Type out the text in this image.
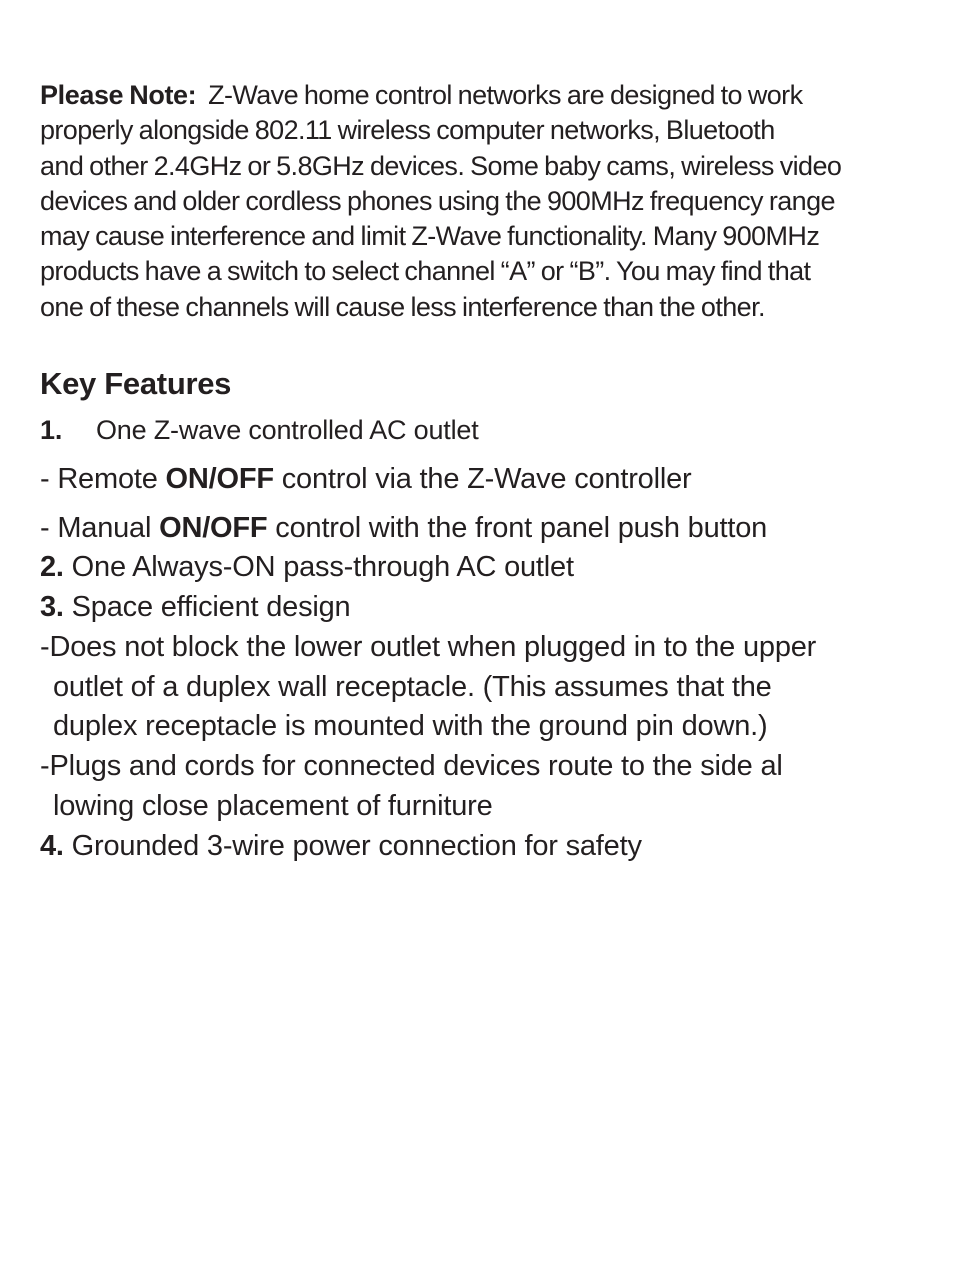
Please Note: Z-Wave home control networks are designed to work
properly alongside 802.11 wireless computer networks, Bluetooth
and other 2.4GHz or 5.8GHz devices. Some baby cams, wireless video
devices and older cordless phones using the 900MHz frequency range
may cause interference and limit Z-Wave functionality. Many 900MHz
products have a switch to select channel “A” or “B”. You may find that
one of these channels will cause less interference than the other.
Key Features
1. One Z-wave controlled AC outlet
- Remote ON/OFF control via the Z-Wave controller
- Manual ON/OFF control with the front panel push button
2. One Always-ON pass-through AC outlet
3. Space efficient design
-Does not block the lower outlet when plugged in to the upper
outlet of a duplex wall receptacle. (This assumes that the
duplex receptacle is mounted with the ground pin down.)
-Plugs and cords for connected devices route to the side al
lowing close placement of furniture
4. Grounded 3-wire power connection for safety
